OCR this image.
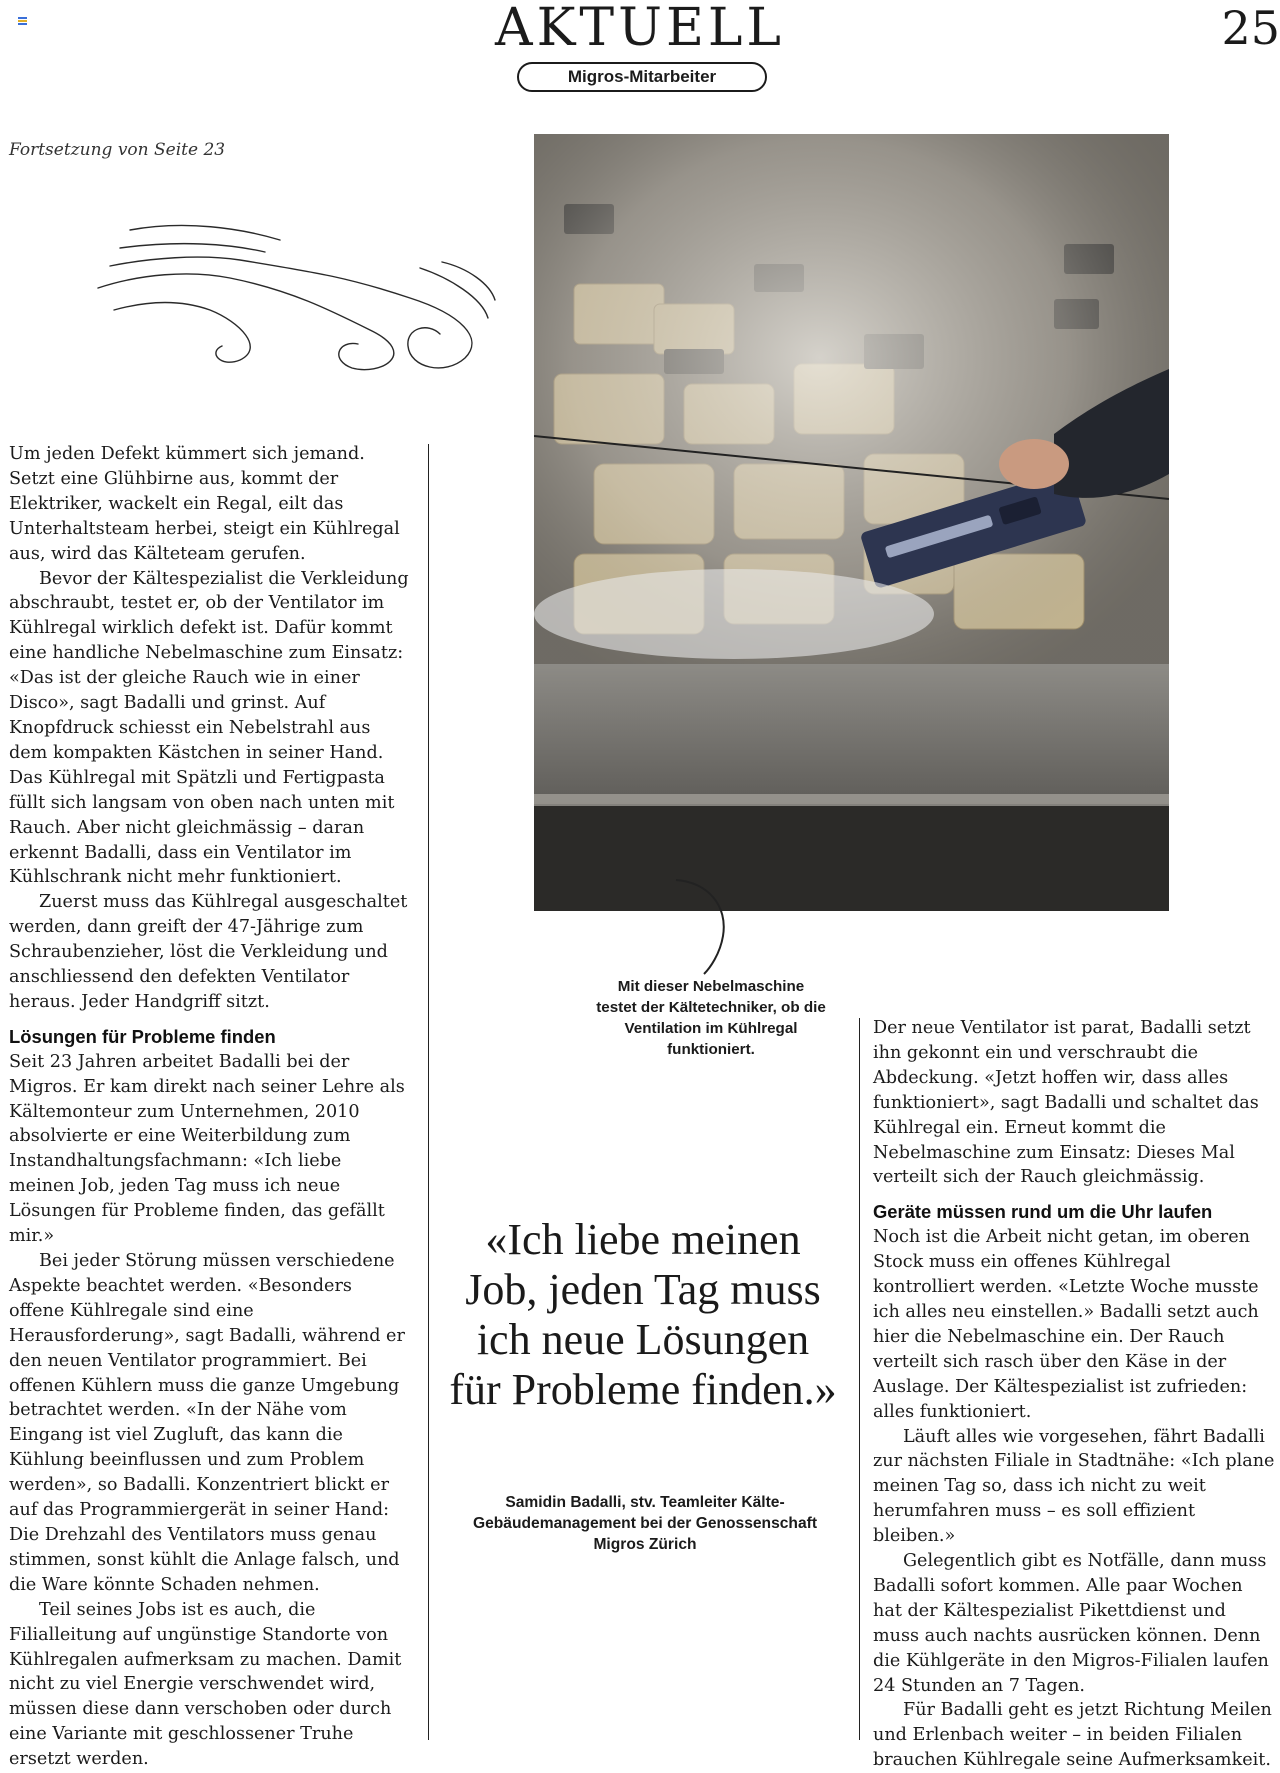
AKTUELL
Migros-Mitarbeiter
25
Fortsetzung von Seite 23

Um jeden Defekt kümmert sich jemand. Setzt eine Glühbirne aus, kommt der Elektriker, wackelt ein Regal, eilt das Unterhaltsteam herbei, steigt ein Kühlregal aus, wird das Kälteteam gerufen.

Bevor der Kältespezialist die Verkleidung abschraubt, testet er, ob der Ventilator im Kühlregal wirklich defekt ist. Dafür kommt eine handliche Nebelmaschine zum Einsatz: «Das ist der gleiche Rauch wie in einer Disco», sagt Badalli und grinst. Auf Knopfdruck schiesst ein Nebelstrahl aus dem kompakten Kästchen in seiner Hand. Das Kühlregal mit Spätzli und Fertigpasta füllt sich langsam von oben nach unten mit Rauch. Aber nicht gleichmässig – daran erkennt Badalli, dass ein Ventilator im Kühlschrank nicht mehr funktioniert.

Zuerst muss das Kühlregal ausgeschaltet werden, dann greift der 47-Jährige zum Schraubenzieher, löst die Verkleidung und anschliessend den defekten Ventilator heraus. Jeder Handgriff sitzt.

Lösungen für Probleme finden

Seit 23 Jahren arbeitet Badalli bei der Migros. Er kam direkt nach seiner Lehre als Kältemonteur zum Unternehmen, 2010 absolvierte er eine Weiterbildung zum Instandhaltungsfachmann: «Ich liebe meinen Job, jeden Tag muss ich neue Lösungen für Probleme finden, das gefällt mir.»

Bei jeder Störung müssen verschiedene Aspekte beachtet werden. «Besonders offene Kühlregale sind eine Herausforderung», sagt Badalli, während er den neuen Ventilator programmiert. Bei offenen Kühlern muss die ganze Umgebung betrachtet werden. «In der Nähe vom Eingang ist viel Zugluft, das kann die Kühlung beeinflussen und zum Problem werden», so Badalli. Konzentriert blickt er auf das Programmiergerät in seiner Hand: Die Drehzahl des Ventilators muss genau stimmen, sonst kühlt die Anlage falsch, und die Ware könnte Schaden nehmen.

Teil seines Jobs ist es auch, die Filialleitung auf ungünstige Standorte von Kühlregalen aufmerksam zu machen. Damit nicht zu viel Energie verschwendet wird, müssen diese dann verschoben oder durch eine Variante mit geschlossener Truhe ersetzt werden.

Mit dieser Nebelmaschine testet der Kältetechniker, ob die Ventilation im Kühlregal funktioniert.
«Ich liebe meinen Job, jeden Tag muss ich neue Lösungen für Probleme finden.»
Samidin Badalli, stv. Teamleiter Kälte-Gebäudemanagement bei der Genossenschaft Migros Zürich

Der neue Ventilator ist parat, Badalli setzt ihn gekonnt ein und verschraubt die Abdeckung. «Jetzt hoffen wir, dass alles funktioniert», sagt Badalli und schaltet das Kühlregal ein. Erneut kommt die Nebelmaschine zum Einsatz: Dieses Mal verteilt sich der Rauch gleichmässig.

Geräte müssen rund um die Uhr laufen

Noch ist die Arbeit nicht getan, im oberen Stock muss ein offenes Kühlregal kontrolliert werden. «Letzte Woche musste ich alles neu einstellen.» Badalli setzt auch hier die Nebelmaschine ein. Der Rauch verteilt sich rasch über den Käse in der Auslage. Der Kältespezialist ist zufrieden: alles funktioniert.

Läuft alles wie vorgesehen, fährt Badalli zur nächsten Filiale in Stadtnähe: «Ich plane meinen Tag so, dass ich nicht zu weit herumfahren muss – es soll effizient bleiben.»

Gelegentlich gibt es Notfälle, dann muss Badalli sofort kommen. Alle paar Wochen hat der Kältespezialist Pikettdienst und muss auch nachts ausrücken können. Denn die Kühlgeräte in den Migros-Filialen laufen 24 Stunden an 7 Tagen.

Für Badalli geht es jetzt Richtung Meilen und Erlenbach weiter – in beiden Filialen brauchen Kühlregale seine Aufmerksamkeit.
